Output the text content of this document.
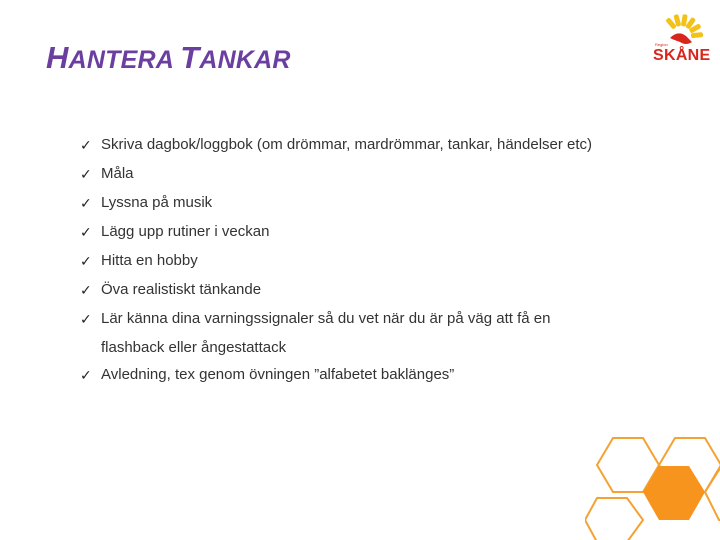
HANTERA TANKAR
Region
SKÅNE
✓ Skriva dagbok/loggbok (om drömmar, mardrömmar, tankar, händelser etc)
✓ Måla
✓ Lyssna på musik
✓ Lägg upp rutiner i veckan
✓ Hitta en hobby
✓ Öva realistiskt tänkande
✓ Lär känna dina varningssignaler så du vet när du är på väg att få en
flashback eller ångestattack
✓ Avledning, tex genom övningen ”alfabetet baklänges”
